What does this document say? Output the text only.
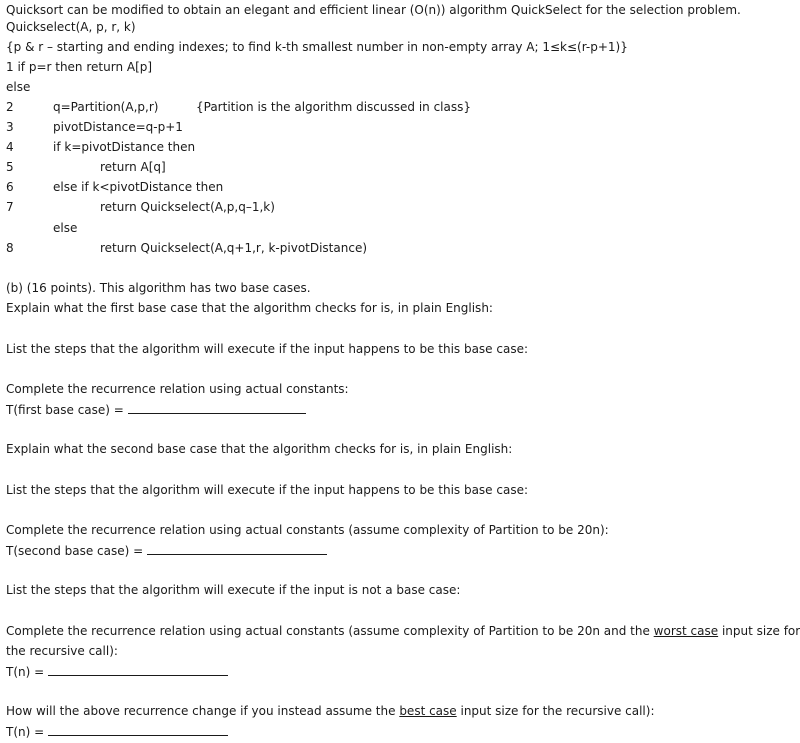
Quicksort can be modified to obtain an elegant and efficient linear (O(n)) algorithm QuickSelect for the selection problem.
Quickselect(A, p, r, k)
{p & r – starting and ending indexes; to find k-th smallest number in non-empty array A; 1≤k≤(r-p+1)}
1 if p=r then return A[p]
else
2	q=Partition(A,p,r)	{Partition is the algorithm discussed in class}
3	pivotDistance=q-p+1
4	if k=pivotDistance then
5	return A[q]
6	else if k<pivotDistance then
7	return Quickselect(A,p,q–1,k)
else
8	return Quickselect(A,q+1,r, k-pivotDistance)
(b) (16 points). This algorithm has two base cases.
Explain what the first base case that the algorithm checks for is, in plain English:
List the steps that the algorithm will execute if the input happens to be this base case:
Complete the recurrence relation using actual constants:
T(first base case) =
Explain what the second base case that the algorithm checks for is, in plain English:
List the steps that the algorithm will execute if the input happens to be this base case:
Complete the recurrence relation using actual constants (assume complexity of Partition to be 20n):
T(second base case) =
List the steps that the algorithm will execute if the input is not a base case:
Complete the recurrence relation using actual constants (assume complexity of Partition to be 20n and the worst case input size for
the recursive call):
T(n) =
How will the above recurrence change if you instead assume the best case input size for the recursive call):
T(n) =
